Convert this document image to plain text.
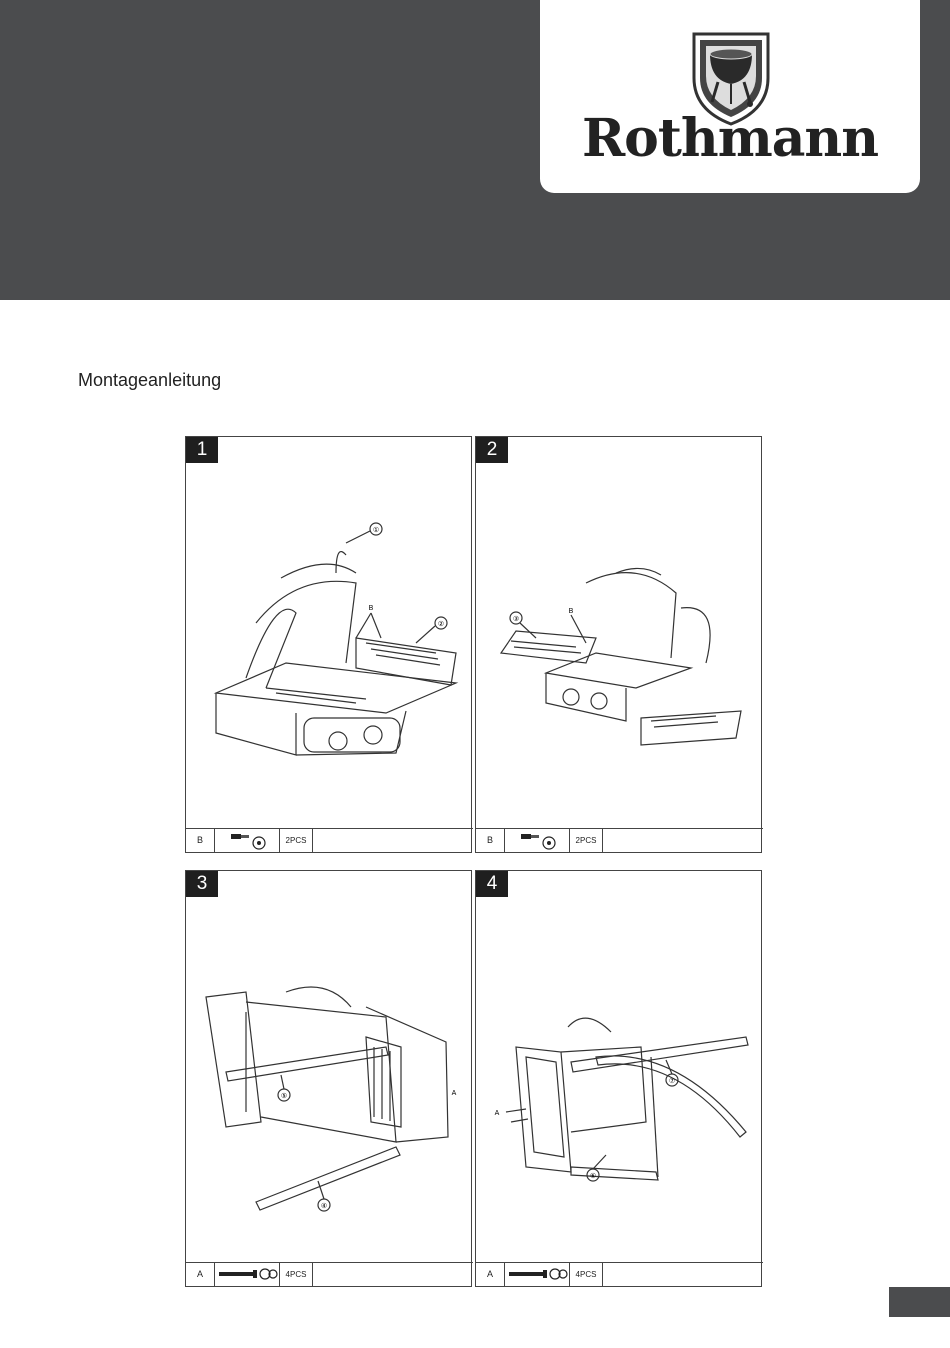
Rothmann
Montageanleitung
1
①
②
B
B	2PCS
2
③
B
B	2PCS
3
⑤
④
A
A	4PCS
4
⑦
⑥
A
A	4PCS
